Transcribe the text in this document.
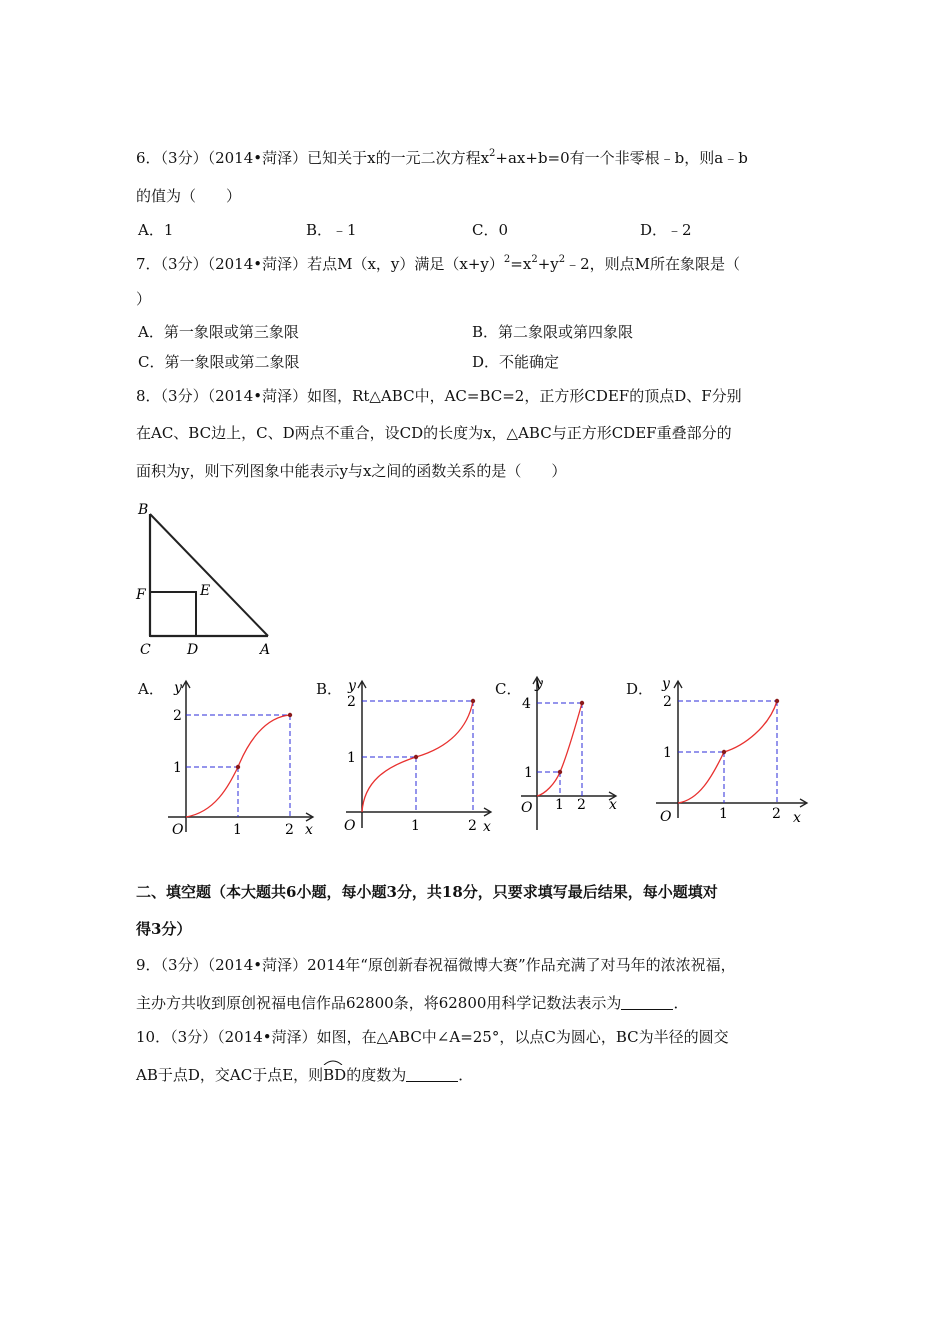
6．（3分）（2014•菏泽）已知关于x的一元二次方程$x^2+ax+b=0$有一个非零根﹣b，则a﹣b
的值为（　　）
A．1	B．﹣1	C．0	D．﹣2
7．（3分）（2014•菏泽）若点M（x，y）满足$(x+y)^2=x^2+y^2﹣2$，则点M所在象限是（
）
A．第一象限或第三象限	B．第二象限或第四象限
C．第一象限或第二象限	D．不能确定
8．（3分）（2014•菏泽）如图，Rt△ABC中，AC=BC=2，正方形CDEF的顶点D、F分别
在AC、BC边上，C、D两点不重合，设CD的长度为x，△ABC与正方形CDEF重叠部分的
面积为y，则下列图象中能表示y与x之间的函数关系的是（　　）
B
F	E
C	D	A
A． y
x
O	1	2
1
2
B． y
x
O	1	2
1
2
C． y
x
O 1 2
1
4
D． y
x
O	1	2
1
2
二、填空题（本大题共6小题，每小题3分，共18分，只要求填写最后结果，每小题填对
得3分）
9．（3分）（2014•菏泽）2014年“原创新春祝福微博大赛”作品充满了对马年的浓浓祝福，
主办方共收到原创祝福电信作品62800条，将62800用科学记数法表示为	．
10．（3分）（2014•菏泽）如图，在△ABC中∠A=25°，以点C为圆心，BC为半径的圆交
AB于点D，交AC于点E，则
BD的度数为	．
